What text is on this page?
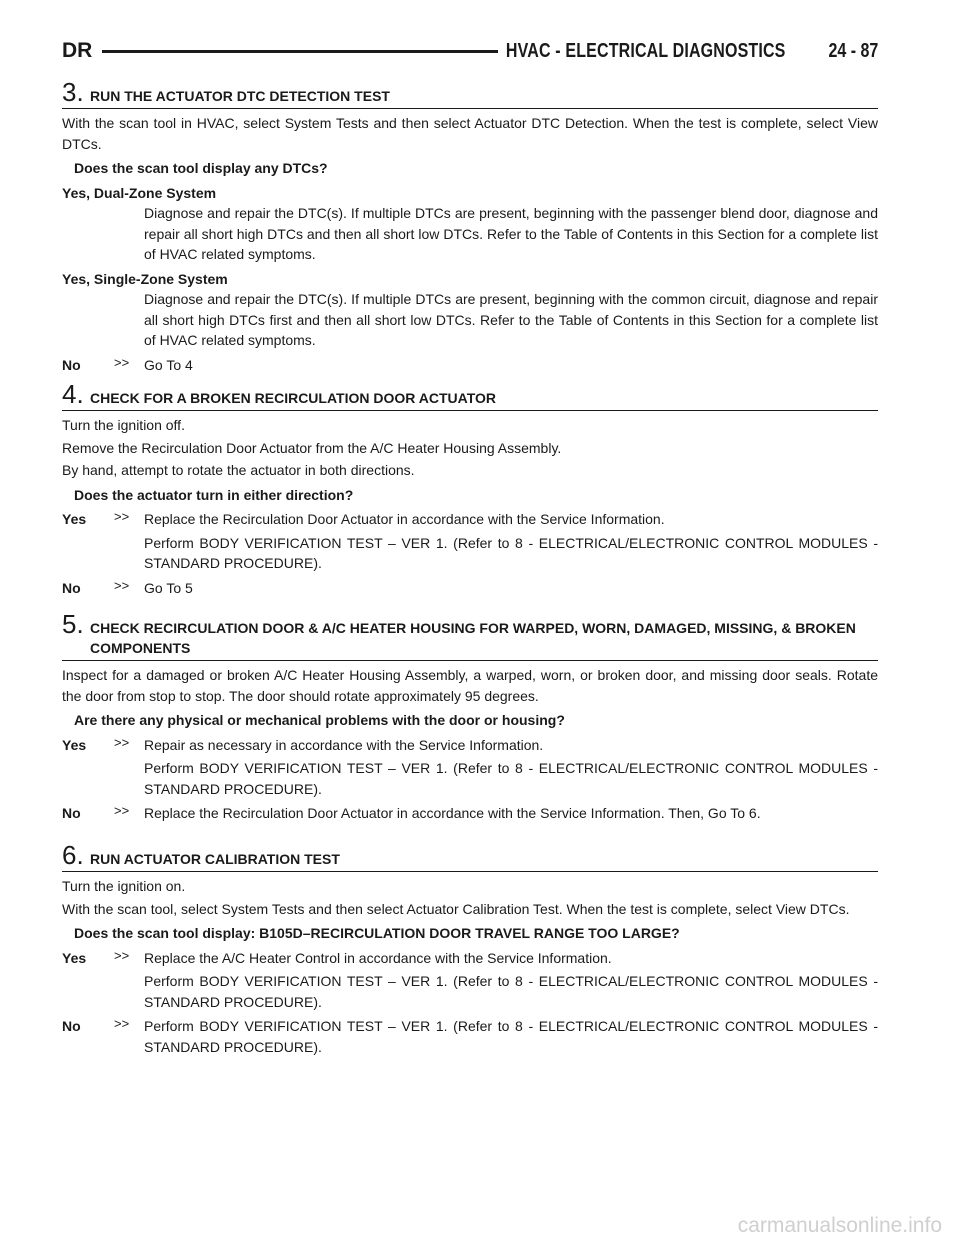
DR	HVAC - ELECTRICAL DIAGNOSTICS 24 - 87
3. RUN THE ACTUATOR DTC DETECTION TEST

With the scan tool in HVAC, select System Tests and then select Actuator DTC Detection. When the test is complete, select View DTCs.

Does the scan tool display any DTCs?

Yes, Dual-Zone System

Diagnose and repair the DTC(s). If multiple DTCs are present, beginning with the passenger blend door, diagnose and repair all short high DTCs and then all short low DTCs. Refer to the Table of Contents in this Section for a complete list of HVAC related symptoms.

Yes, Single-Zone System

Diagnose and repair the DTC(s). If multiple DTCs are present, beginning with the common circuit, diagnose and repair all short high DTCs first and then all short low DTCs. Refer to the Table of Contents in this Section for a complete list of HVAC related symptoms.
No	>> Go To 4
4. CHECK FOR A BROKEN RECIRCULATION DOOR ACTUATOR

Turn the ignition off.

Remove the Recirculation Door Actuator from the A/C Heater Housing Assembly.

By hand, attempt to rotate the actuator in both directions.

Does the actuator turn in either direction?

Yes >> Replace the Recirculation Door Actuator in accordance with the Service Information.
Perform BODY VERIFICATION TEST – VER 1. (Refer to 8 - ELECTRICAL/ELECTRONIC CONTROL MODULES - STANDARD PROCEDURE).
No	>> Go To 5
5. CHECK RECIRCULATION DOOR & A/C HEATER HOUSING FOR WARPED, WORN, DAMAGED, MISSING, & BROKEN COMPONENTS

Inspect for a damaged or broken A/C Heater Housing Assembly, a warped, worn, or broken door, and missing door seals. Rotate the door from stop to stop. The door should rotate approximately 95 degrees.

Are there any physical or mechanical problems with the door or housing?

Yes >> Repair as necessary in accordance with the Service Information.
Perform BODY VERIFICATION TEST – VER 1. (Refer to 8 - ELECTRICAL/ELECTRONIC CONTROL MODULES - STANDARD PROCEDURE).
No	>> Replace the Recirculation Door Actuator in accordance with the Service Information. Then, Go To 6.
6. RUN ACTUATOR CALIBRATION TEST

Turn the ignition on.

With the scan tool, select System Tests and then select Actuator Calibration Test. When the test is complete, select View DTCs.

Does the scan tool display: B105D–RECIRCULATION DOOR TRAVEL RANGE TOO LARGE?

Yes >> Replace the A/C Heater Control in accordance with the Service Information.
Perform BODY VERIFICATION TEST – VER 1. (Refer to 8 - ELECTRICAL/ELECTRONIC CONTROL MODULES - STANDARD PROCEDURE).
No	>> Perform BODY VERIFICATION TEST – VER 1. (Refer to 8 - ELECTRICAL/ELECTRONIC CONTROL MODULES - STANDARD PROCEDURE).
carmanualsonline.info
